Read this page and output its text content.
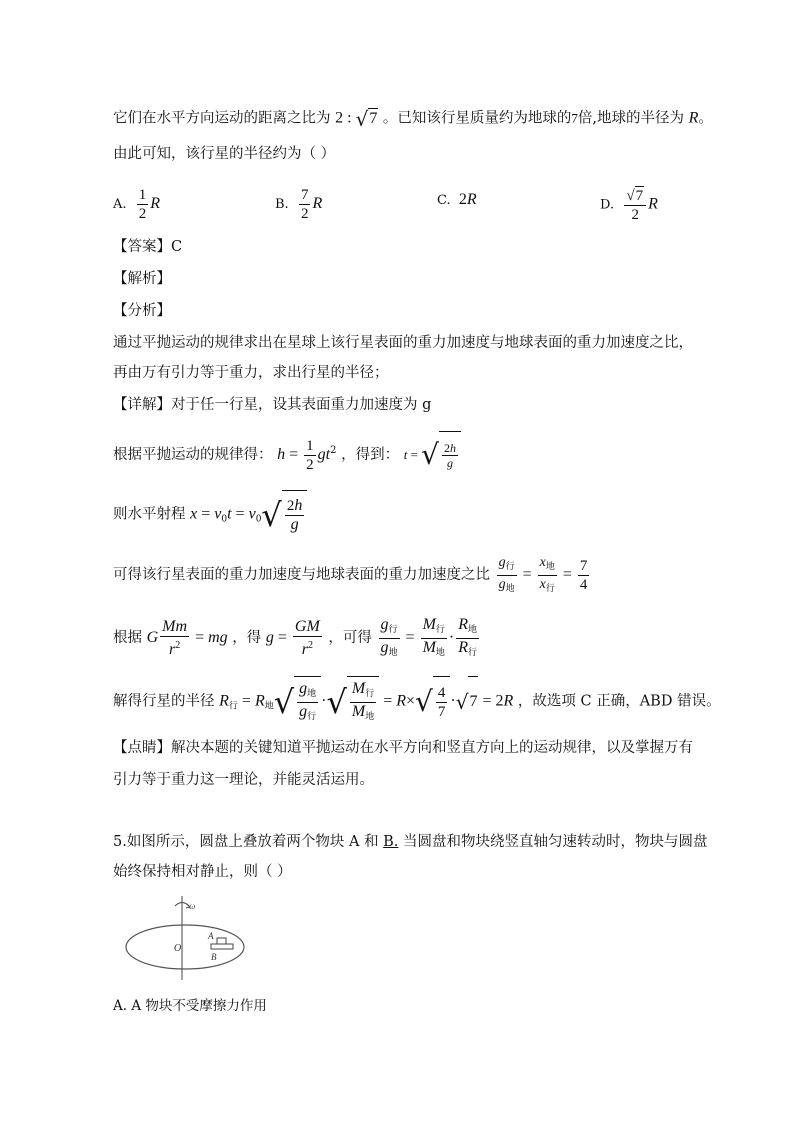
它们在水平方向运动的距离之比为 2 : √7 。已知该行星质量约为地球的7倍,地球的半径为 R。
由此可知，该行星的半径约为（ ）
A. $\frac{1}{2}$ R	B. $\frac{7}{2}$ R	C. 2R	D. $\frac{√7}{2}$ R
【答案】C
【解析】
【分析】
通过平抛运动的规律求出在星球上该行星表面的重力加速度与地球表面的重力加速度之比，
再由万有引力等于重力，求出行星的半径；
【详解】对于任一行星，设其表面重力加速度为 g
根据平抛运动的规律得： $h = \frac{1}{2} gt^2$ ，得到： t = √ $\frac{2h}{g}$
则水平射程 $x = v_0t = v_0√ \frac{2h}{g}$
可得该行星表面的重力加速度与地球表面的重力加速度之比 $\frac{g_行}{g_地} = \frac{x_地}{x_行} = \frac{7}{4}$
根据 G $\frac{Mm}{r^2}$ = mg ，得 $g = \frac{GM}{r^2}$ ，可得 $\frac{g_行}{g_地} = \frac{M_行}{M_地} \cdot \frac{R_地}{R_行}$
解得行星的半径 $R_行 = R_地√ \frac{g_地}{g_行}$ ·√ $\frac{M_行}{M_地} = R\times√ \frac{4}{7} \cdot√7 = 2R$ ，故选项 C 正确，ABD 错误。
【点睛】解决本题的关键知道平抛运动在水平方向和竖直方向上的运动规律，以及掌握万有
引力等于重力这一理论，并能灵活运用。
5.如图所示，圆盘上叠放着两个物块 A 和 B. 当圆盘和物块绕竖直轴匀速转动时，物块与圆盘
始终保持相对静止，则（ ）
ω
O
A
B
A. A 物块不受摩擦力作用
